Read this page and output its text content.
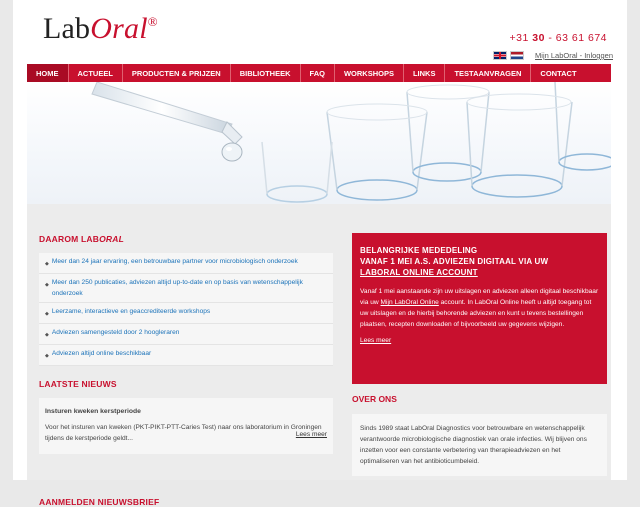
LabOral®
+31 30 - 63 61 674
Mijn LabOral - Inloggen
HOME	ACTUEEL	PRODUCTEN & PRIJZEN	BIBLIOTHEEK	FAQ	WORKSHOPS	LINKS	TESTAANVRAGEN	CONTACT
DAAROM LABORAL
◆ Meer dan 24 jaar ervaring, een betrouwbare partner voor microbiologisch onderzoek
◆ Meer dan 250 publicaties, adviezen altijd up-to-date en op basis van wetenschappelijk onderzoek
◆ Leerzame, interactieve en geaccrediteerde workshops
◆ Adviezen samengesteld door 2 hoogleraren
◆ Adviezen altijd online beschikbaar
LAATSTE NIEUWS
Insturen kweken kerstperiode
Voor het insturen van kweken (PKT-PIKT-PTT-Caries Test) naar ons laboratorium in Groningen tijdens de kerstperiode geldt...
Lees meer
AANMELDEN NIEUWSBRIEF
BELANGRIJKE MEDEDELING
VANAF 1 MEI A.S. ADVIEZEN DIGITAAL VIA UW
LABORAL ONLINE ACCOUNT

Vanaf 1 mei aanstaande zijn uw uitslagen en adviezen alleen digitaal beschikbaar via uw Mijn LabOral Online account. In LabOral Online heeft u altijd toegang tot uw uitslagen en de hierbij behorende adviezen en kunt u tevens bestellingen plaatsen, recepten downloaden of bijvoorbeeld uw gegevens wijzigen.

Lees meer
OVER ONS
Sinds 1989 staat LabOral Diagnostics voor betrouwbare en wetenschappelijk verantwoorde microbiologische diagnostiek van orale infecties. Wij blijven ons inzetten voor een constante verbetering van therapieadviezen en het optimaliseren van het antibioticumbeleid.
